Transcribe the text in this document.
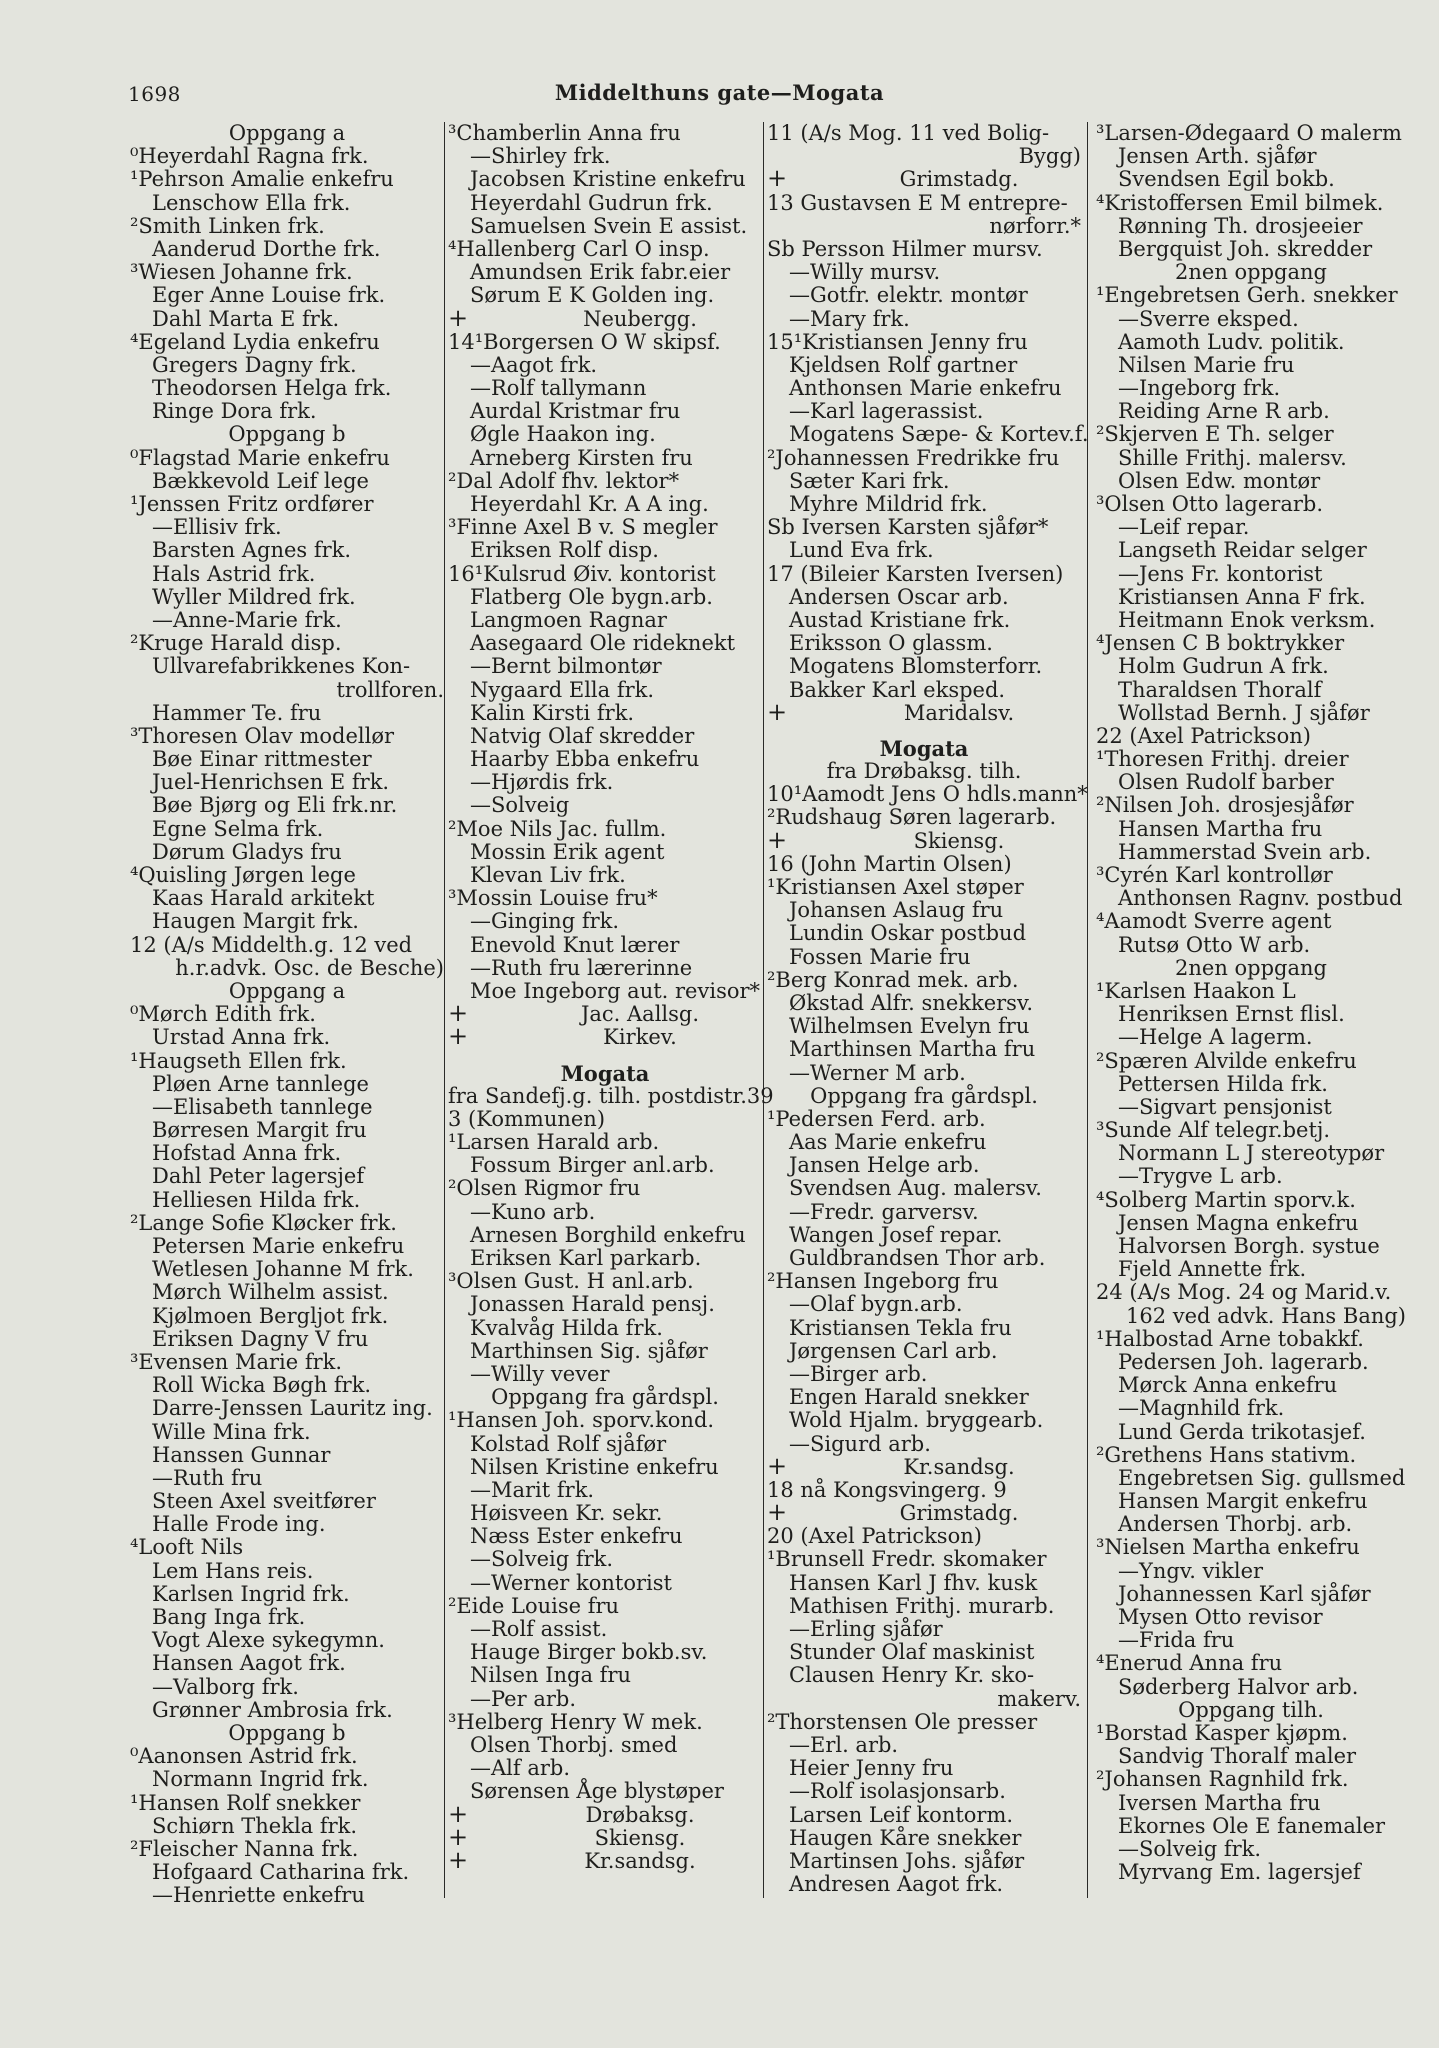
1698	Middelthuns gate—Mogata
Oppgang a
⁰Heyerdahl Ragna frk.
¹Pehrson Amalie enkefru
Lenschow Ella frk.
²Smith Linken frk.
Aanderud Dorthe frk.
³Wiesen Johanne frk.
Eger Anne Louise frk.
Dahl Marta E frk.
⁴Egeland Lydia enkefru
Gregers Dagny frk.
Theodorsen Helga frk.
Ringe Dora frk.
Oppgang b
⁰Flagstad Marie enkefru
Bækkevold Leif lege
¹Jenssen Fritz ordfører
—Ellisiv frk.
Barsten Agnes frk.
Hals Astrid frk.
Wyller Mildred frk.
—Anne-Marie frk.
²Kruge Harald disp.
Ullvarefabrikkenes Kon-
trollforen.
Hammer Te. fru
³Thoresen Olav modellør
Bøe Einar rittmester
Juel-Henrichsen E frk.
Bøe Bjørg og Eli frk.nr.
Egne Selma frk.
Dørum Gladys fru
⁴Quisling Jørgen lege
Kaas Harald arkitekt
Haugen Margit frk.
12 (A/s Middelth.g. 12 ved
h.r.advk. Osc. de Besche)
Oppgang a
⁰Mørch Edith frk.
Urstad Anna frk.
¹Haugseth Ellen frk.
Pløen Arne tannlege
—Elisabeth tannlege
Børresen Margit fru
Hofstad Anna frk.
Dahl Peter lagersjef
Helliesen Hilda frk.
²Lange Sofie Kløcker frk.
Petersen Marie enkefru
Wetlesen Johanne M frk.
Mørch Wilhelm assist.
Kjølmoen Bergljot frk.
Eriksen Dagny V fru
³Evensen Marie frk.
Roll Wicka Bøgh frk.
Darre-Jenssen Lauritz ing.
Wille Mina frk.
Hanssen Gunnar
—Ruth fru
Steen Axel sveitfører
Halle Frode ing.
⁴Looft Nils
Lem Hans reis.
Karlsen Ingrid frk.
Bang Inga frk.
Vogt Alexe sykegymn.
Hansen Aagot frk.
—Valborg frk.
Grønner Ambrosia frk.
Oppgang b
⁰Aanonsen Astrid frk.
Normann Ingrid frk.
¹Hansen Rolf snekker
Schiørn Thekla frk.
²Fleischer Nanna frk.
Hofgaard Catharina frk.
—Henriette enkefru
³Chamberlin Anna fru
—Shirley frk.
Jacobsen Kristine enkefru
Heyerdahl Gudrun frk.
Samuelsen Svein E assist.
⁴Hallenberg Carl O insp.
Amundsen Erik fabr.eier
Sørum E K Golden ing.
+	Neubergg.
14¹Borgersen O W skipsf.
—Aagot frk.
—Rolf tallymann
Aurdal Kristmar fru
Øgle Haakon ing.
Arneberg Kirsten fru
²Dal Adolf fhv. lektor*
Heyerdahl Kr. A A ing.
³Finne Axel B v. S megler
Eriksen Rolf disp.
16¹Kulsrud Øiv. kontorist
Flatberg Ole bygn.arb.
Langmoen Ragnar
Aasegaard Ole rideknekt
—Bernt bilmontør
Nygaard Ella frk.
Kalin Kirsti frk.
Natvig Olaf skredder
Haarby Ebba enkefru
—Hjørdis frk.
—Solveig
²Moe Nils Jac. fullm.
Mossin Erik agent
Klevan Liv frk.
³Mossin Louise fru*
—Ginging frk.
Enevold Knut lærer
—Ruth fru lærerinne
Moe Ingeborg aut. revisor*
+	Jac. Aallsg.
+	Kirkev.
Mogata
fra Sandefj.g. tilh. postdistr.39
3 (Kommunen)
¹Larsen Harald arb.
Fossum Birger anl.arb.
²Olsen Rigmor fru
—Kuno arb.
Arnesen Borghild enkefru
Eriksen Karl parkarb.
³Olsen Gust. H anl.arb.
Jonassen Harald pensj.
Kvalvåg Hilda frk.
Marthinsen Sig. sjåfør
—Willy vever
Oppgang fra gårdspl.
¹Hansen Joh. sporv.kond.
Kolstad Rolf sjåfør
Nilsen Kristine enkefru
—Marit frk.
Høisveen Kr. sekr.
Næss Ester enkefru
—Solveig frk.
—Werner kontorist
²Eide Louise fru
—Rolf assist.
Hauge Birger bokb.sv.
Nilsen Inga fru
—Per arb.
³Helberg Henry W mek.
Olsen Thorbj. smed
—Alf arb.
Sørensen Åge blystøper
+	Drøbaksg.
+	Skiensg.
+	Kr.sandsg.
11 (A/s Mog. 11 ved Bolig-
Bygg)
+	Grimstadg.
13 Gustavsen E M entrepre-
nørforr.*
Sb Persson Hilmer mursv.
—Willy mursv.
—Gotfr. elektr. montør
—Mary frk.
15¹Kristiansen Jenny fru
Kjeldsen Rolf gartner
Anthonsen Marie enkefru
—Karl lagerassist.
Mogatens Sæpe- & Kortev.f.
²Johannessen Fredrikke fru
Sæter Kari frk.
Myhre Mildrid frk.
Sb Iversen Karsten sjåfør*
Lund Eva frk.
17 (Bileier Karsten Iversen)
Andersen Oscar arb.
Austad Kristiane frk.
Eriksson O glassm.
Mogatens Blomsterforr.
Bakker Karl eksped.
+	Maridalsv.
Mogata
fra Drøbaksg. tilh.
10¹Aamodt Jens O hdls.mann*
²Rudshaug Søren lagerarb.
+	Skiensg.
16 (John Martin Olsen)
¹Kristiansen Axel støper
Johansen Aslaug fru
Lundin Oskar postbud
Fossen Marie fru
²Berg Konrad mek. arb.
Økstad Alfr. snekkersv.
Wilhelmsen Evelyn fru
Marthinsen Martha fru
—Werner M arb.
Oppgang fra gårdspl.
¹Pedersen Ferd. arb.
Aas Marie enkefru
Jansen Helge arb.
Svendsen Aug. malersv.
—Fredr. garversv.
Wangen Josef repar.
Guldbrandsen Thor arb.
²Hansen Ingeborg fru
—Olaf bygn.arb.
Kristiansen Tekla fru
Jørgensen Carl arb.
—Birger arb.
Engen Harald snekker
Wold Hjalm. bryggearb.
—Sigurd arb.
+	Kr.sandsg.
18 nå Kongsvingerg. 9
+	Grimstadg.
20 (Axel Patrickson)
¹Brunsell Fredr. skomaker
Hansen Karl J fhv. kusk
Mathisen Frithj. murarb.
—Erling sjåfør
Stunder Olaf maskinist
Clausen Henry Kr. sko-
makerv.
²Thorstensen Ole presser
—Erl. arb.
Heier Jenny fru
—Rolf isolasjonsarb.
Larsen Leif kontorm.
Haugen Kåre snekker
Martinsen Johs. sjåfør
Andresen Aagot frk.
³Larsen-Ødegaard O malerm
Jensen Arth. sjåfør
Svendsen Egil bokb.
⁴Kristoffersen Emil bilmek.
Rønning Th. drosjeeier
Bergquist Joh. skredder
2nen oppgang
¹Engebretsen Gerh. snekker
—Sverre eksped.
Aamoth Ludv. politik.
Nilsen Marie fru
—Ingeborg frk.
Reiding Arne R arb.
²Skjerven E Th. selger
Shille Frithj. malersv.
Olsen Edw. montør
³Olsen Otto lagerarb.
—Leif repar.
Langseth Reidar selger
—Jens Fr. kontorist
Kristiansen Anna F frk.
Heitmann Enok verksm.
⁴Jensen C B boktrykker
Holm Gudrun A frk.
Tharaldsen Thoralf
Wollstad Bernh. J sjåfør
22 (Axel Patrickson)
¹Thoresen Frithj. dreier
Olsen Rudolf barber
²Nilsen Joh. drosjesjåfør
Hansen Martha fru
Hammerstad Svein arb.
³Cyrén Karl kontrollør
Anthonsen Ragnv. postbud
⁴Aamodt Sverre agent
Rutsø Otto W arb.
2nen oppgang
¹Karlsen Haakon L
Henriksen Ernst flisl.
—Helge A lagerm.
²Spæren Alvilde enkefru
Pettersen Hilda frk.
—Sigvart pensjonist
³Sunde Alf telegr.betj.
Normann L J stereotypør
—Trygve L arb.
⁴Solberg Martin sporv.k.
Jensen Magna enkefru
Halvorsen Borgh. systue
Fjeld Annette frk.
24 (A/s Mog. 24 og Marid.v.
162 ved advk. Hans Bang)
¹Halbostad Arne tobakkf.
Pedersen Joh. lagerarb.
Mørck Anna enkefru
—Magnhild frk.
Lund Gerda trikotasjef.
²Grethens Hans stativm.
Engebretsen Sig. gullsmed
Hansen Margit enkefru
Andersen Thorbj. arb.
³Nielsen Martha enkefru
—Yngv. vikler
Johannessen Karl sjåfør
Mysen Otto revisor
—Frida fru
⁴Enerud Anna fru
Søderberg Halvor arb.
Oppgang tilh.
¹Borstad Kasper kjøpm.
Sandvig Thoralf maler
²Johansen Ragnhild frk.
Iversen Martha fru
Ekornes Ole E fanemaler
—Solveig frk.
Myrvang Em. lagersjef
